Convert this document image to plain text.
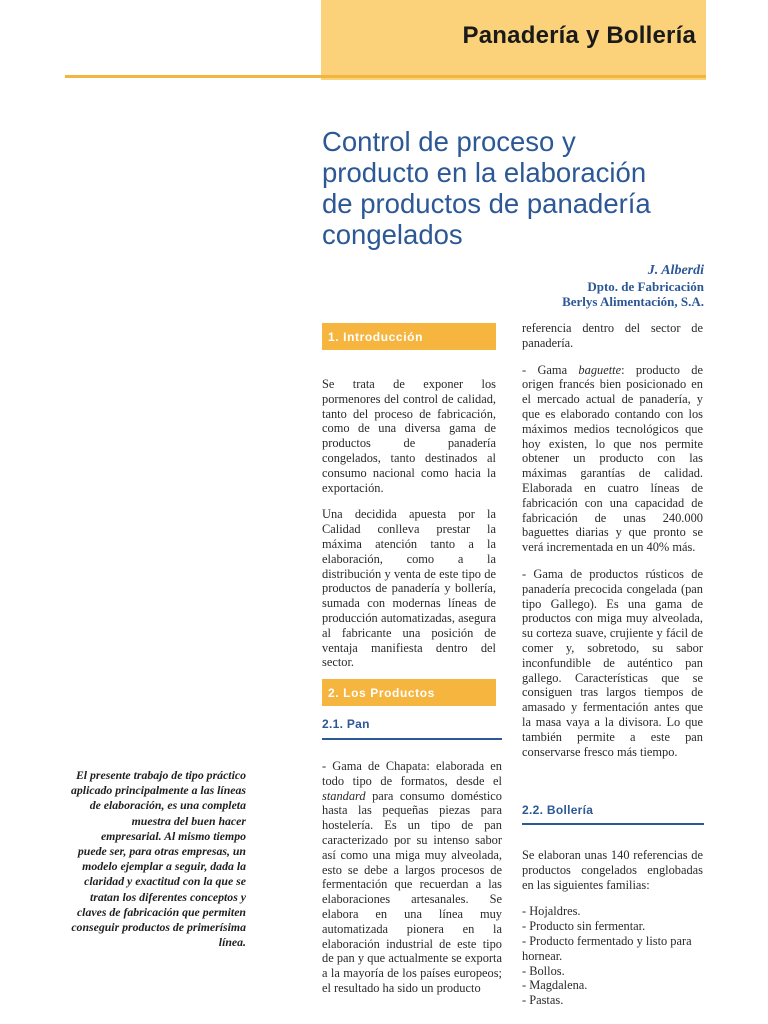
Panadería y Bollería
Control de proceso y
producto en la elaboración
de productos de panadería
congelados
J. Alberdi
Dpto. de Fabricación
Berlys Alimentación, S.A.
1. Introducción

Se trata de exponer los pormenores del control de calidad, tanto del proceso de fabricación, como de una diversa gama de productos de panadería congelados, tanto destinados al consumo nacional como hacia la exportación.

Una decidida apuesta por la Calidad conlleva prestar la máxima atención tanto a la elaboración, como a la distribución y venta de este tipo de productos de panadería y bollería, sumada con modernas líneas de producción automatizadas, asegura al fabricante una posición de ventaja manifiesta dentro del sector.

2. Los Productos
2.1. Pan

- Gama de Chapata: elaborada en todo tipo de formatos, desde el standard para consumo doméstico hasta las pequeñas piezas para hostelería. Es un tipo de pan caracterizado por su intenso sabor así como una miga muy alveolada, esto se debe a largos procesos de fermentación que recuerdan a las elaboraciones artesanales. Se elabora en una línea muy automatizada pionera en la elaboración industrial de este tipo de pan y que actualmente se exporta a la mayoría de los países europeos; el resultado ha sido un producto

referencia dentro del sector de panadería.

- Gama baguette: producto de origen francés bien posicionado en el mercado actual de panadería, y que es elaborado contando con los máximos medios tecnológicos que hoy existen, lo que nos permite obtener un producto con las máximas garantías de calidad. Elaborada en cuatro líneas de fabricación con una capacidad de fabricación de unas 240.000 baguettes diarias y que pronto se verá incrementada en un 40% más.

- Gama de productos rústicos de panadería precocida congelada (pan tipo Gallego). Es una gama de productos con miga muy alveolada, su corteza suave, crujiente y fácil de comer y, sobretodo, su sabor inconfundible de auténtico pan gallego. Características que se consiguen tras largos tiempos de amasado y fermentación antes que la masa vaya a la divisora. Lo que también permite a este pan conservarse fresco más tiempo.

2.2. Bollería

Se elaboran unas 140 referencias de productos congelados englobadas en las siguientes familias:

- Hojaldres.
- Producto sin fermentar.
- Producto fermentado y listo para hornear.
- Bollos.
- Magdalena.
- Pastas.

El presente trabajo de tipo práctico aplicado principalmente a las líneas de elaboración, es una completa muestra del buen hacer empresarial. Al mismo tiempo puede ser, para otras empresas, un modelo ejemplar a seguir, dada la claridad y exactitud con la que se tratan los diferentes conceptos y claves de fabricación que permiten conseguir productos de primerísima línea.
